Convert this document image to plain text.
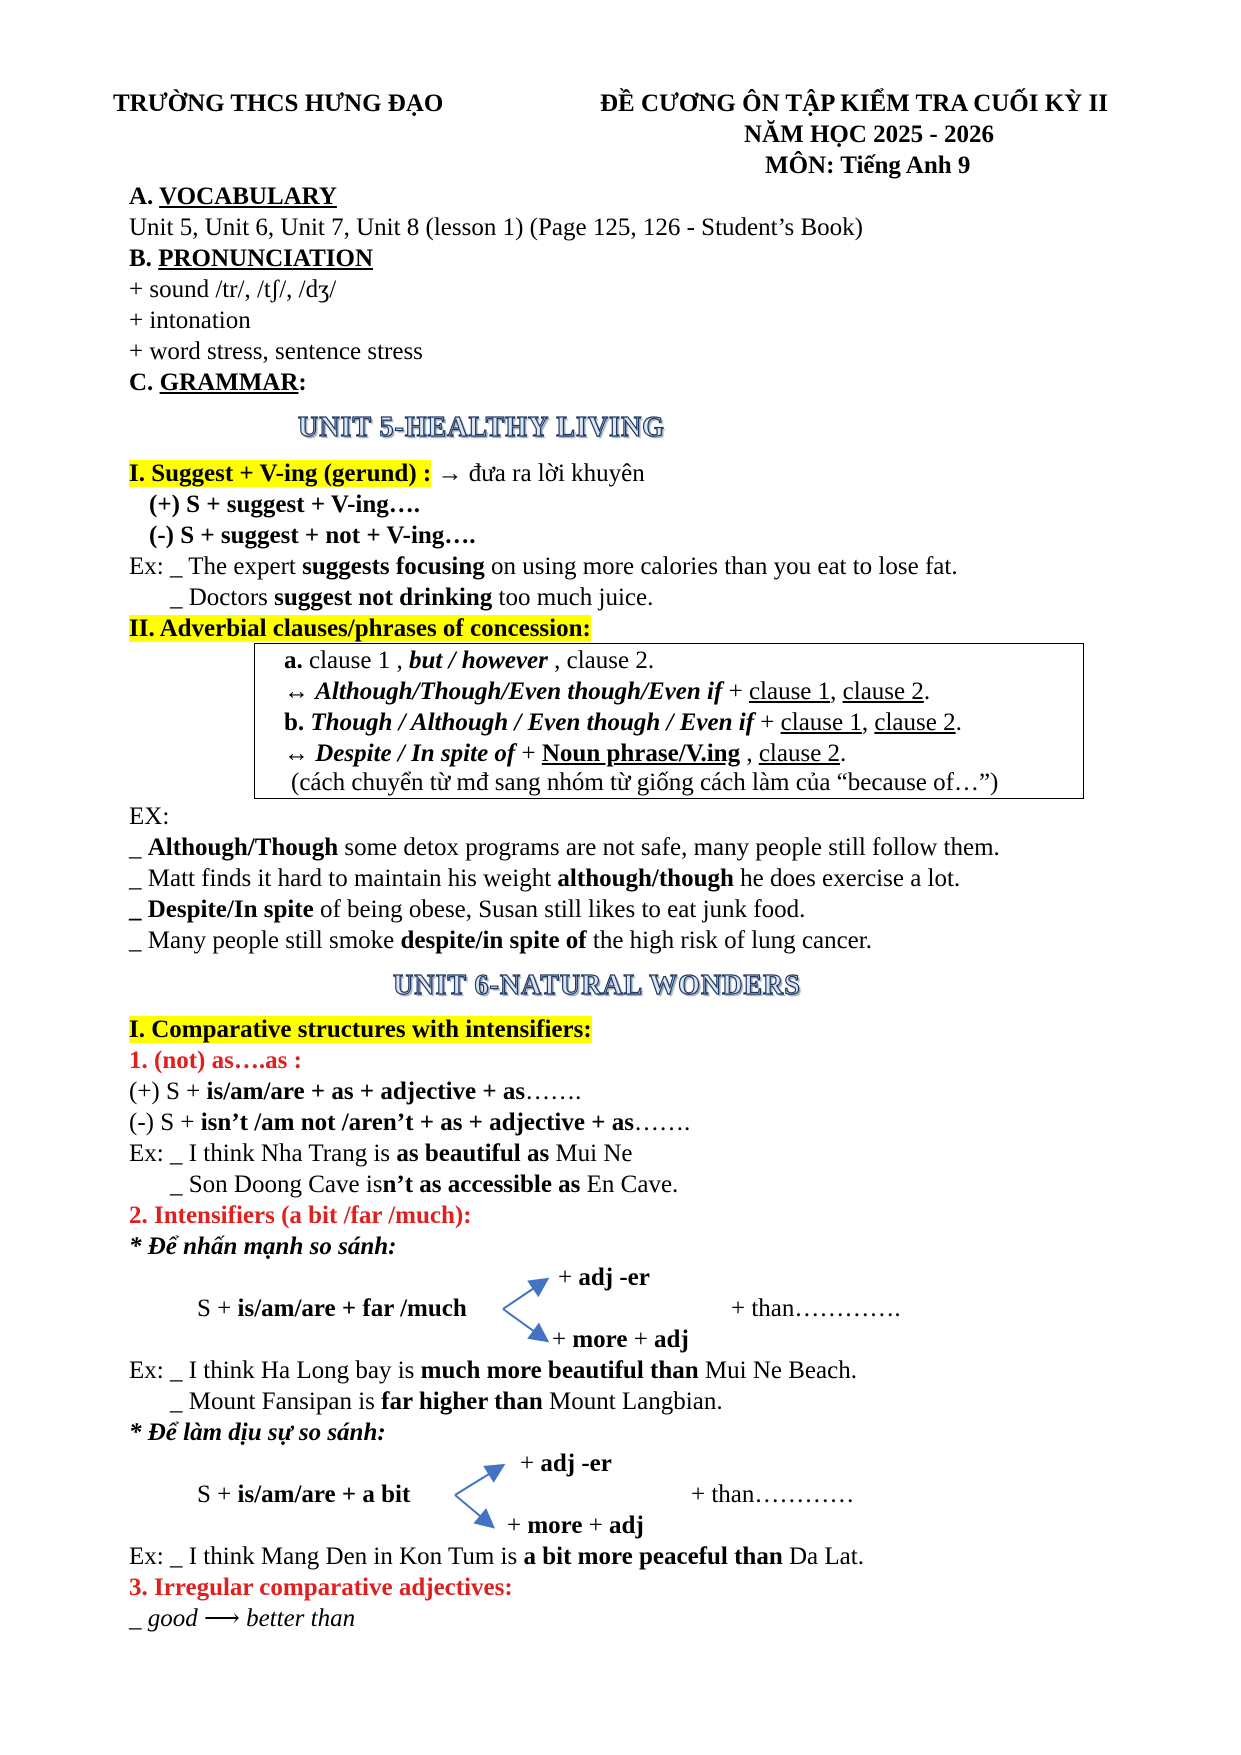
TRƯỜNG THCS HƯNG ĐẠO	ĐỀ CƯƠNG ÔN TẬP KIỂM TRA CUỐI KỲ II
NĂM HỌC 2025 - 2026
MÔN: Tiếng Anh 9
A. VOCABULARY
Unit 5, Unit 6, Unit 7, Unit 8 (lesson 1) (Page 125, 126 - Student’s Book)
B. PRONUNCIATION
+ sound /tr/, /tʃ/, /dʒ/
+ intonation
+ word stress, sentence stress
C. GRAMMAR:
UNIT 5-HEALTHY LIVING
I. Suggest + V-ing (gerund) : → đưa ra lời khuyên
(+) S + suggest + V-ing….
(-) S + suggest + not + V-ing….
Ex: _ The expert suggests focusing on using more calories than you eat to lose fat.
_ Doctors suggest not drinking too much juice.
II. Adverbial clauses/phrases of concession:
a. clause 1 , but / however , clause 2.
↔ Although/Though/Even though/Even if + clause 1, clause 2.
b. Though / Although / Even though / Even if + clause 1, clause 2.
↔ Despite / In spite of + Noun phrase/V.ing , clause 2.
(cách chuyển từ mđ sang nhóm từ giống cách làm của “because of…”)
EX:
_ Although/Though some detox programs are not safe, many people still follow them.
_ Matt finds it hard to maintain his weight although/though he does exercise a lot.
_ Despite/In spite of being obese, Susan still likes to eat junk food.
_ Many people still smoke despite/in spite of the high risk of lung cancer.
UNIT 6-NATURAL WONDERS
I. Comparative structures with intensifiers:
1. (not) as….as :
(+) S + is/am/are + as + adjective + as…….
(-) S + isn’t /am not /aren’t + as + adjective + as…….
Ex: _ I think Nha Trang is as beautiful as Mui Ne
_ Son Doong Cave isn’t as accessible as En Cave.
2. Intensifiers (a bit /far /much):
* Để nhấn mạnh so sánh:
+ adj -er
S + is/am/are + far /much	+ than………….
+ more + adj
Ex: _ I think Ha Long bay is much more beautiful than Mui Ne Beach.
_ Mount Fansipan is far higher than Mount Langbian.
* Để làm dịu sự so sánh:
+ adj -er
S + is/am/are + a bit	+ than…………
+ more + adj
Ex: _ I think Mang Den in Kon Tum is a bit more peaceful than Da Lat.
3. Irregular comparative adjectives:
_ good ⟶ better than
